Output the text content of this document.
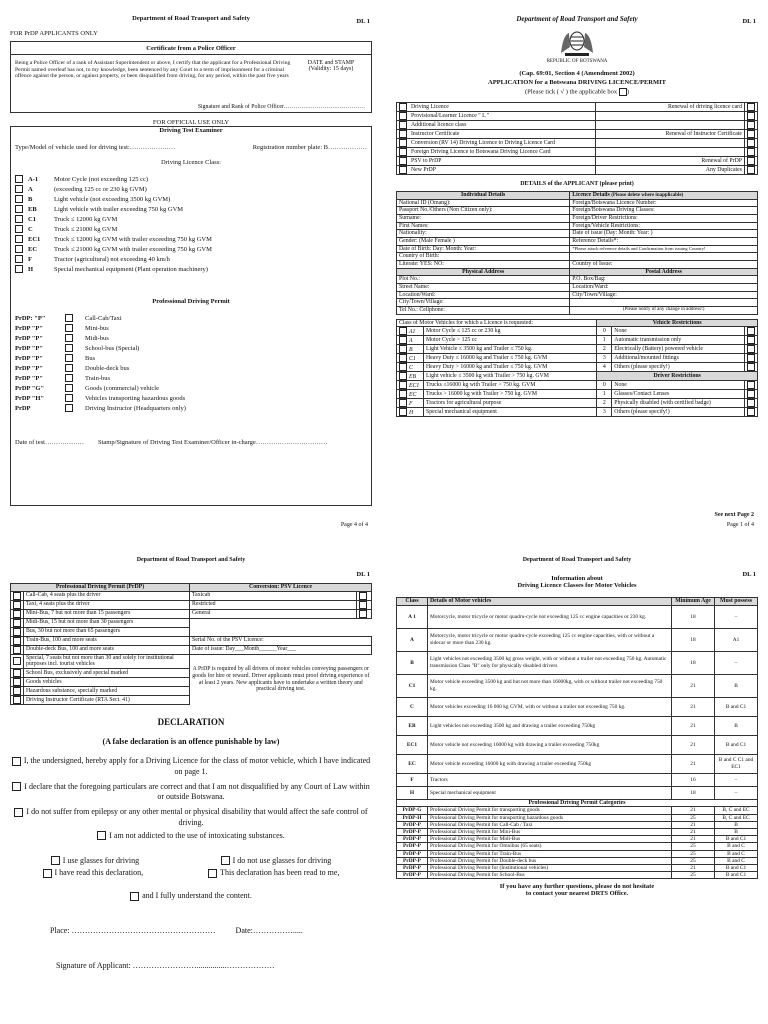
Department of Road Transport and Safety	DL 1
FOR PrDP APPLICANTS ONLY
Certificate from a Police Officer
Being a Police Officer of a rank of Assistant Superintendent or above, I certify that the applicant for a Professional Driving Permit named overleaf has not, to my knowledge, been sentenced by any Court to a term of imprisonment for a criminal offence against the person, or against property, or been disqualified from driving, for any period, within the past five years
DATE and STAMP
(Validity: 15 days)
Signature and Rank of Police Officer……………………………………
FOR OFFICIAL USE ONLY
Driving Test Examiner
Type/Model of vehicle used for driving test:…………………	Registration number plate: B………………
Driving Licence Class:
A-1	Motor Cycle (not exceeding 125 cc)
A	(exceeding 125 cc or 230 kg GVM)
B	Light vehicle (not exceeding 3500 kg GVM)
EB	Light vehicle with trailer exceeding 750 kg GVM
C1	Truck ≤ 12000 kg GVM
C	Truck ≤ 21000 kg GVM
EC1	Truck ≤ 12000 kg GVM with trailer exceeding 750 kg GVM
EC	Truck ≤ 21000 kg GVM with trailer exceeding 750 kg GVM
F	Tractor (agricultural) not exceeding 40 km/h
H	Special mechanical equipment (Plant operation machinery)
Professional Driving Permit
PrDP: "P"	Call-Cab/Taxi
PrDP "P"	Mini-bus
PrDP "P"	Midi-bus
PrDP "P"	School-bus (Special)
PrDP "P"	Bus
PrDP "P"	Double-deck bus
PrDP "P"	Train-bus
PrDP "G"	Goods (commercial) vehicle
PrDP "H"	Vehicles transporting hazardous goods
PrDP	Driving Instructor (Headquarters only)
Date of test……………… Stamp/Signature of Driving Test Examiner/Officer in-charge……………………………
Page 4 of 4
Department of Road Transport and Safety	DL 1
REPUBLIC OF BOTSWANA
(Cap. 69:01, Section 4 (Amendment 2002)
APPLICATION for a Botswana DRIVING LICENCE/PERMIT
(Please tick ( √ ) the applicable box )
Driving Licence	Renewal of driving licence card	
Provisional/Learner Licence " L "		
Additional licence class		
Instructor Certificate	Renewal of Instructor Certificate	
Conversion (RV 14) Driving Licence to Driving Licence Card		
Foreign Driving Licence to Botswana Driving Licence Card		
PSV to PrDP	Renewal of PrDP	
New PrDP	Any Duplicates	
DETAILS of the APPLICANT (please print)
Individual Details	Licence Details (Please delete where inapplicable)
National ID (Omang):	Foreign/Botswana Licence Number:
Passport No./Others (Non Citizen only):	Foreign/Botswana Driving Classes:
Surname:	Foreign/Driver Restrictions:
First Names:	Foreign/Vehicle Restrictions:
Nationality:	Date of issue (Day: Month: Year: )
Gender: (Male Female )	Reference Details*:
Date of Birth: Day: Month: Year:	*Please attach reference details and Confirmation from issuing Country!
Country of Birth:	
Literate: YES: NO:	Country of Issue:
Physical Address	Postal Address
Plot No.:	P.O. Box/Bag:
Street Name:	Location/Ward:
Location/Ward:	City/Town/Village:
City/Town/Village:	
Tel No.: Cellphone:	(Please notify of any change in address!)
Class of Motor Vehicles for which a Licence is requested:		Vehicle Restrictions		
A1	Motor Cycle ≤ 125 cc or 230 kg	0	None	
A	Motor Cycle > 125 cc	1	Automatic transmission only	
B	Light Vehicle ≤ 3500 kg and Trailer ≤ 750 kg.	2	Electrically (Battery) powered vehicle	
C1	Heavy Duty ≤ 16000 kg and Trailer ≤ 750 kg. GVM	3	Additional/mounted fittings	
C	Heavy Duty > 16000 kg and Trailer ≤ 750 kg. GVM	4	Others (please specify!)	
EB	Light vehicle ≤ 3500 kg with Trailer > 750 kg. GVM	Driver Restrictions		
EC1	Trucks ≤16000 kg with Trailer > 750 kg. GVM	0	None	
EC	Trucks > 16000 kg with Trailer > 750 kg. GVM	1	Glasses/Contact Lenses	
F	Tractors for agricultural purpose	2	Physically disabled (with certified badge)	
H	Special mechanical equipment	3	Others (please specify!)	
See next Page 2
Page 1 of 4
Department of Road Transport and Safety
DL 1
Professional Driving Permit (PrDP)		Conversion: PSV Licence	
	Call-Cab, 4 seats plus the driver	Taxicab	
	Taxi, 4 seats plus the driver	Restricted	
	Mini-Bus, 7 but not more than 15 passengers	General	
	Midi-Bus, 15 but not more than 30 passengers		
	Bus, 30 but not more than 65 passengers		
	Train-Bus, 100 and more seats	Serial No. of the PSV Licence:	
	Double-deck Bus, 100 and more seats	Date of issue: Day___Month______Year___	
	Special, 7 seats but not more than 30 and solely for institutional purposes incl. tourist vehicles	A PrDP is required by all drivers of motor vehicles conveying passengers or goods for hire or reward. Driver applicants must proof driving experience of at least 2 years. New applicants have to undertake a written theory and practical driving test.	
	School Bus, exclusively and special marked		
	Goods vehicles		
	Hazardous substance, specially marked		
	Driving Instructor Certificate (RTA Sect. 41)		
DECLARATION
(A false declaration is an offence punishable by law)
I, the undersigned, hereby apply for a Driving Licence for the class of motor vehicle, which I have indicated on page 1.
I declare that the foregoing particulars are correct and that I am not disqualified by any Court of Law within or outside Botswana.
I do not suffer from epilepsy or any other mental or physical disability that would affect the safe control of driving.
I am not addicted to the use of intoxicating substances.
I use glasses for driving	I do not use glasses for driving
I have read this declaration,	This declaration has been read to me,
and I fully understand the content.
Place: ………………………………………………	Date:…………….....
Signature of Applicant: ……………………...............………………
Department of Road Transport and Safety
DL 1
Information about
Driving Licence Classes for Motor Vehicles
Class	Details of Motor vehicles	Minimum Age	Must possess
A 1	Motorcycle, motor tricycle or motor quadru-cycle not exceeding 125 cc engine capacities or 230 kg.	18	–
A	Motorcycle, motor tricycle or motor quadru-cycle exceeding 125 cc engine capacities, with or without a sidecar or more than 230 kg.	18	A1
B	Light vehicles not exceeding 3500 kg gross weight, with or without a trailer not exceeding 750 kg. Automatic transmission Class "B" only for physically disabled drivers	18	–
C1	Motor vehicle exceeding 3500 kg and but not more than 16000kg, with or without trailer not exceeding 750 kg.	21	B
C	Motor vehicles exceeding 16 000 kg GVM, with or without a trailer not exceeding 750 kg.	21	B and C1
EB	Light vehicles not exceeding 3500 kg and drawing a trailer exceeding 750kg	21	B
EC1	Motor vehicle not exceeding 16000 kg with drawing a trailer exceeding 750kg	21	B and C1
EC	Motor vehicle exceeding 16000 kg with drawing a trailer exceeding 750kg	21	B and C C1 and EC1
F	Tractors	16	–
H	Special mechanical equipment	18	–
Professional Driving Permit Categories			
PrDP-G	Professional Driving Permit for transporting goods	21	B, C and EC
PrDP-H	Professional Driving Permit for transporting hazardous goods	25	B, C and EC
PrDP-P	Professional Driving Permit for Call-Cab / Taxi	21	B
PrDP-P	Professional Driving Permit for Mini-Bus	21	B
PrDP-P	Professional Driving Permit for Midi-Bus	21	B and C1
PrDP-P	Professional Driving Permit for Omnibus (65 seats)	25	B and C
PrDP-P	Professional Driving Permit for Train-Bus	25	B and C
PrDP-P	Professional Driving Permit for Double-deck bus	25	B and C
PrDP-P	Professional Driving Permit for (Institutional vehicles)	21	B and C1
PrDP-P	Professional Driving Permit for School-Bus	25	B and C1
If you have any further questions, please do not hesitate
to contact your nearest DRTS Office.
